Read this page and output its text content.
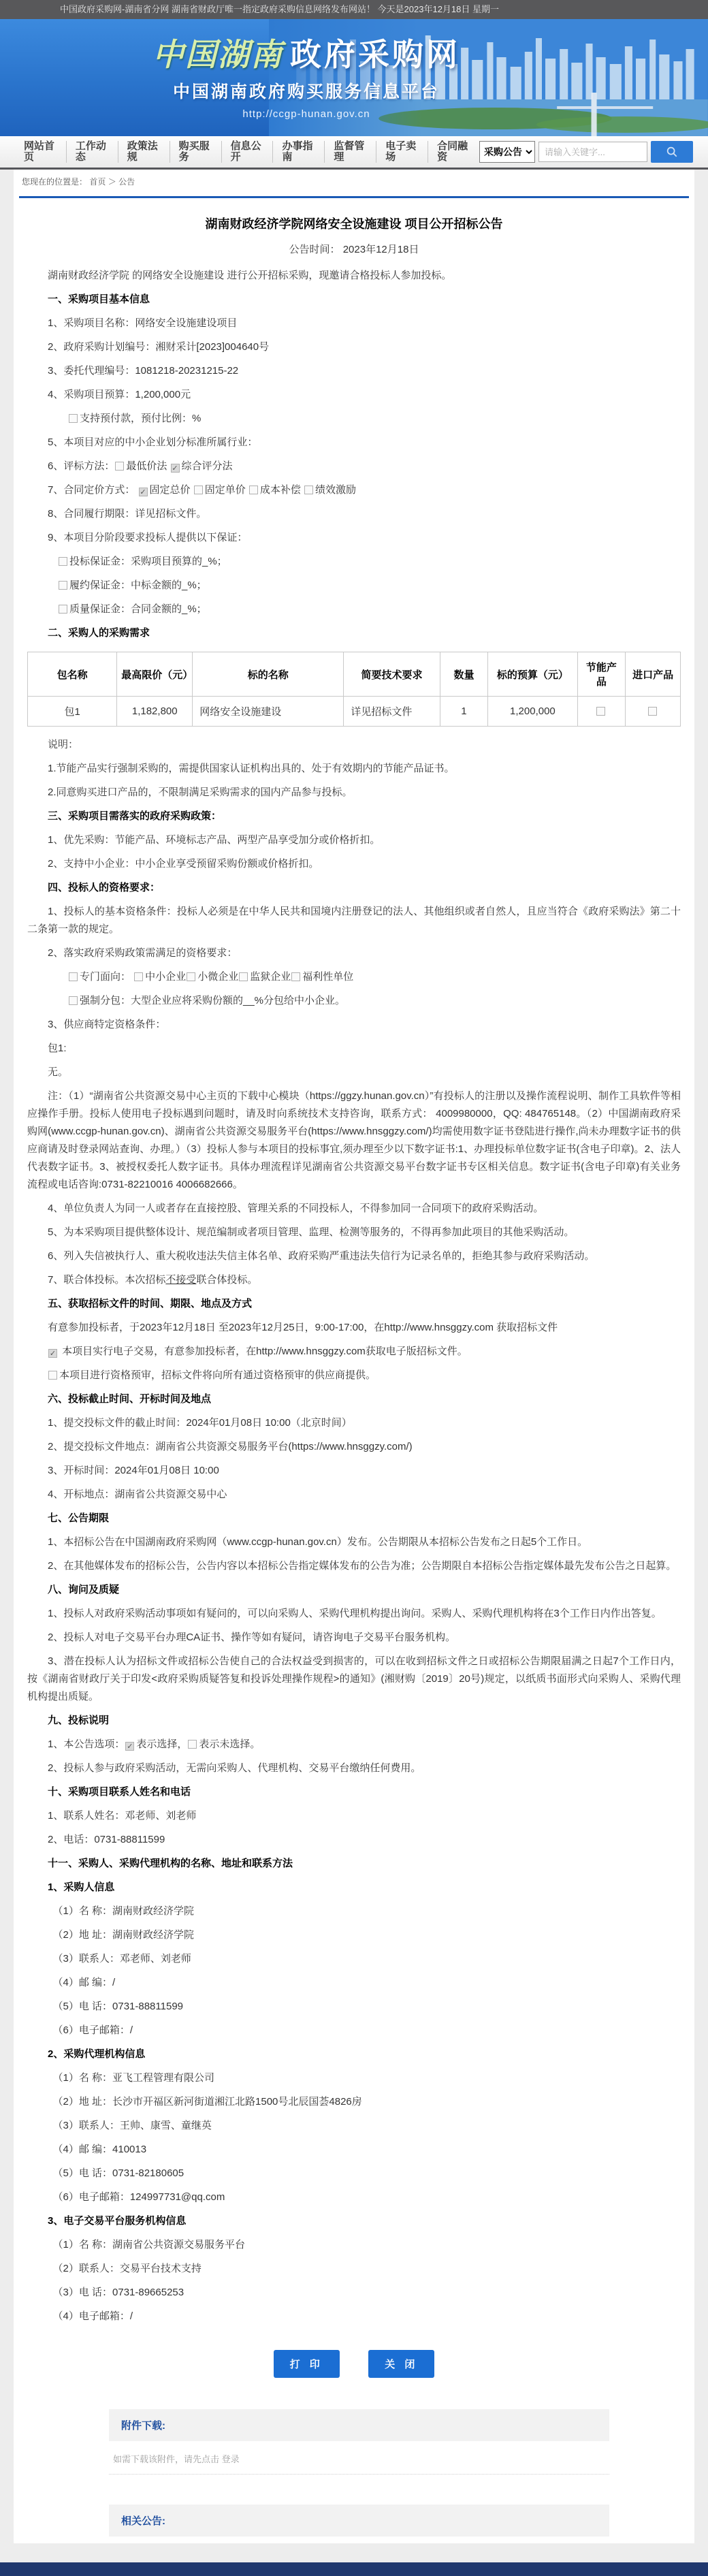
中国政府采购网-湖南省分网 湖南省财政厅唯一指定政府采购信息网络发布网站！ 今天是2023年12月18日 星期一
中国湖南 政府采购网
中国湖南政府购买服务信息平台
http://ccgp-hunan.gov.cn
网站首页
工作动态
政策法规
购买服务
信息公开
办事指南
监督管理
电子卖场
合同融资
采购公告
请输入关键字...
您现在的位置是： 首页 ＞ 公告
湖南财政经济学院网络安全设施建设 项目公开招标公告
公告时间： 2023年12月18日

湖南财政经济学院 的网络安全设施建设 进行公开招标采购，现邀请合格投标人参加投标。

一、采购项目基本信息

1、采购项目名称：网络安全设施建设项目

2、政府采购计划编号：湘财采计[2023]004640号

3、委托代理编号：1081218-20231215-22

4、采购项目预算：1,200,000元

支持预付款，预付比例：%

5、本项目对应的中小企业划分标准所属行业：

6、评标方法： 最低价法 ✓ 综合评分法

7、合同定价方式： ✓ 固定总价 固定单价 成本补偿 绩效激励

8、合同履行期限：详见招标文件。

9、本项目分阶段要求投标人提供以下保证：

投标保证金：采购项目预算的_%；

履约保证金：中标金额的_%；

质量保证金：合同金额的_%；

二、采购人的采购需求

包名称	最高限价（元）	标的名称	简要技术要求	数量	标的预算（元）	节能产品	进口产品
包1	1,182,800	网络安全设施建设	详见招标文件	1	1,200,000		

说明：

1.节能产品实行强制采购的，需提供国家认证机构出具的、处于有效期内的节能产品证书。

2.同意购买进口产品的，不限制满足采购需求的国内产品参与投标。

三、采购项目需落实的政府采购政策：

1、优先采购：节能产品、环境标志产品、两型产品享受加分或价格折扣。

2、支持中小企业：中小企业享受预留采购份额或价格折扣。

四、投标人的资格要求：

1、投标人的基本资格条件：投标人必须是在中华人民共和国境内注册登记的法人、其他组织或者自然人，且应当符合《政府采购法》第二十二条第一款的规定。

2、落实政府采购政策需满足的资格要求：

专门面向： 中小企业 小微企业 监狱企业 福利性单位

强制分包：大型企业应将采购份额的__%分包给中小企业。

3、供应商特定资格条件：

包1:

无。

注：（1）“湖南省公共资源交易中心主页的下载中心模块（https://ggzy.hunan.gov.cn）”有投标人的注册以及操作流程说明、制作工具软件等相应操作手册。投标人使用电子投标遇到问题时，请及时向系统技术支持咨询，联系方式： 4009980000，QQ: 484765148。（2）中国湖南政府采购网(www.ccgp-hunan.gov.cn)、湖南省公共资源交易服务平台(https://www.hnsggzy.com/)均需使用数字证书登陆进行操作,尚未办理数字证书的供应商请及时登录网站查询、办理。）（3）投标人参与本项目的投标事宜,须办理至少以下数字证书:1、办理投标单位数字证书(含电子印章)。2、法人代表数字证书。3、被授权委托人数字证书。具体办理流程详见湖南省公共资源交易平台数字证书专区相关信息。数字证书(含电子印章)有关业务流程或电话咨询:0731-82210016 4006682666。

4、单位负责人为同一人或者存在直接控股、管理关系的不同投标人，不得参加同一合同项下的政府采购活动。

5、为本采购项目提供整体设计、规范编制或者项目管理、监理、检测等服务的，不得再参加此项目的其他采购活动。

6、列入失信被执行人、重大税收违法失信主体名单、政府采购严重违法失信行为记录名单的，拒绝其参与政府采购活动。

7、联合体投标。本次招标不接受联合体投标。

五、获取招标文件的时间、期限、地点及方式

有意参加投标者，于2023年12月18日 至2023年12月25日，9:00-17:00，在http://www.hnsggzy.com 获取招标文件

✓ 本项目实行电子交易，有意参加投标者，在http://www.hnsggzy.com获取电子版招标文件。

本项目进行资格预审，招标文件将向所有通过资格预审的供应商提供。

六、投标截止时间、开标时间及地点

1、提交投标文件的截止时间：2024年01月08日 10:00（北京时间）

2、提交投标文件地点：湖南省公共资源交易服务平台(https://www.hnsggzy.com/)

3、开标时间：2024年01月08日 10:00

4、开标地点：湖南省公共资源交易中心

七、公告期限

1、本招标公告在中国湖南政府采购网（www.ccgp-hunan.gov.cn）发布。公告期限从本招标公告发布之日起5个工作日。

2、在其他媒体发布的招标公告，公告内容以本招标公告指定媒体发布的公告为准；公告期限自本招标公告指定媒体最先发布公告之日起算。

八、询问及质疑

1、投标人对政府采购活动事项如有疑问的，可以向采购人、采购代理机构提出询问。采购人、采购代理机构将在3个工作日内作出答复。

2、投标人对电子交易平台办理CA证书、操作等如有疑问，请咨询电子交易平台服务机构。

3、潜在投标人认为招标文件或招标公告使自己的合法权益受到损害的，可以在收到招标文件之日或招标公告期限届满之日起7个工作日内，按《湖南省财政厅关于印发<政府采购质疑答复和投诉处理操作规程>的通知》(湘财购〔2019〕20号)规定，以纸质书面形式向采购人、采购代理机构提出质疑。

九、投标说明

1、本公告选项： ✓ 表示选择， 表示未选择。

2、投标人参与政府采购活动，无需向采购人、代理机构、交易平台缴纳任何费用。

十、采购项目联系人姓名和电话

1、联系人姓名：邓老师、刘老师

2、电话：0731-88811599

十一、采购人、采购代理机构的名称、地址和联系方法

1、采购人信息

（1）名 称：湖南财政经济学院

（2）地 址：湖南财政经济学院

（3）联系人：邓老师、刘老师

（4）邮 编：/

（5）电 话：0731-88811599

（6）电子邮箱：/

2、采购代理机构信息

（1）名 称：亚飞工程管理有限公司

（2）地 址：长沙市开福区新河街道湘江北路1500号北辰国荟4826房

（3）联系人：王帅、康雪、童继英

（4）邮 编：410013

（5）电 话：0731-82180605

（6）电子邮箱：124997731@qq.com

3、电子交易平台服务机构信息

（1）名 称：湖南省公共资源交易服务平台

（2）联系人：交易平台技术支持

（3）电 话：0731-89665253

（4）电子邮箱：/

打 印	关 闭
附件下载:
如需下载该附件，请先点击 登录
相关公告:
